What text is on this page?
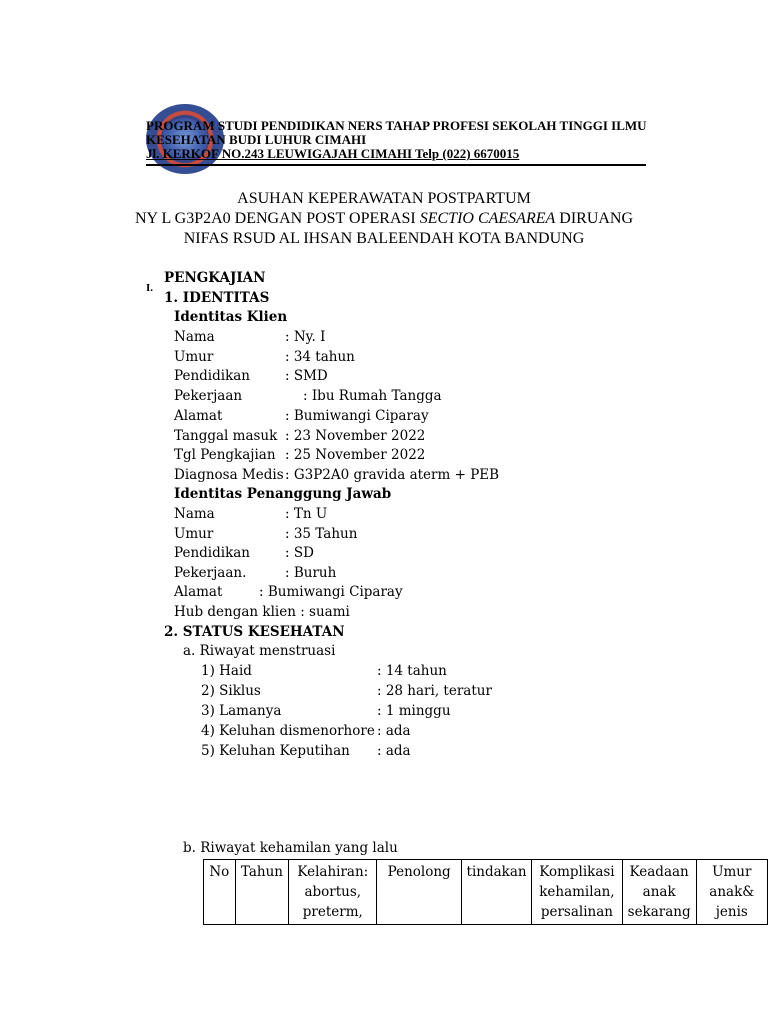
PROGRAM STUDI PENDIDIKAN NERS TAHAP PROFESI SEKOLAH TINGGI ILMU
KESEHATAN BUDI LUHUR CIMAHI
Jl. KERKOF NO.243 LEUWIGAJAH CIMAHI Telp (022) 6670015
ASUHAN KEPERAWATAN POSTPARTUM
NY L G3P2A0 DENGAN POST OPERASI SECTIO CAESAREA DIRUANG
NIFAS RSUD AL IHSAN BALEENDAH KOTA BANDUNG
I.
PENGKAJIAN
1. IDENTITAS
Identitas Klien
Nama	: Ny. I
Umur	: 34 tahun
Pendidikan	: SMD
Pekerjaan	: Ibu Rumah Tangga
Alamat	: Bumiwangi Ciparay
Tanggal masuk : 23 November 2022
Tgl Pengkajian : 25 November 2022
Diagnosa Medis : G3P2A0 gravida aterm + PEB
Identitas Penanggung Jawab
Nama	: Tn U
Umur	: 35 Tahun
Pendidikan	: SD
Pekerjaan.	: Buruh
Alamat	: Bumiwangi Ciparay
Hub dengan klien : suami
2. STATUS KESEHATAN
a. Riwayat menstruasi
1) Haid	: 14 tahun
2) Siklus	: 28 hari, teratur
3) Lamanya	: 1 minggu
4) Keluhan dismenorhore : ada
5) Keluhan Keputihan : ada
b. Riwayat kehamilan yang lalu
No	Tahun	Kelahiran: abortus, preterm,	Penolong	tindakan	Komplikasi kehamilan, persalinan	Keadaan anak sekarang	Umur anak& jenis
